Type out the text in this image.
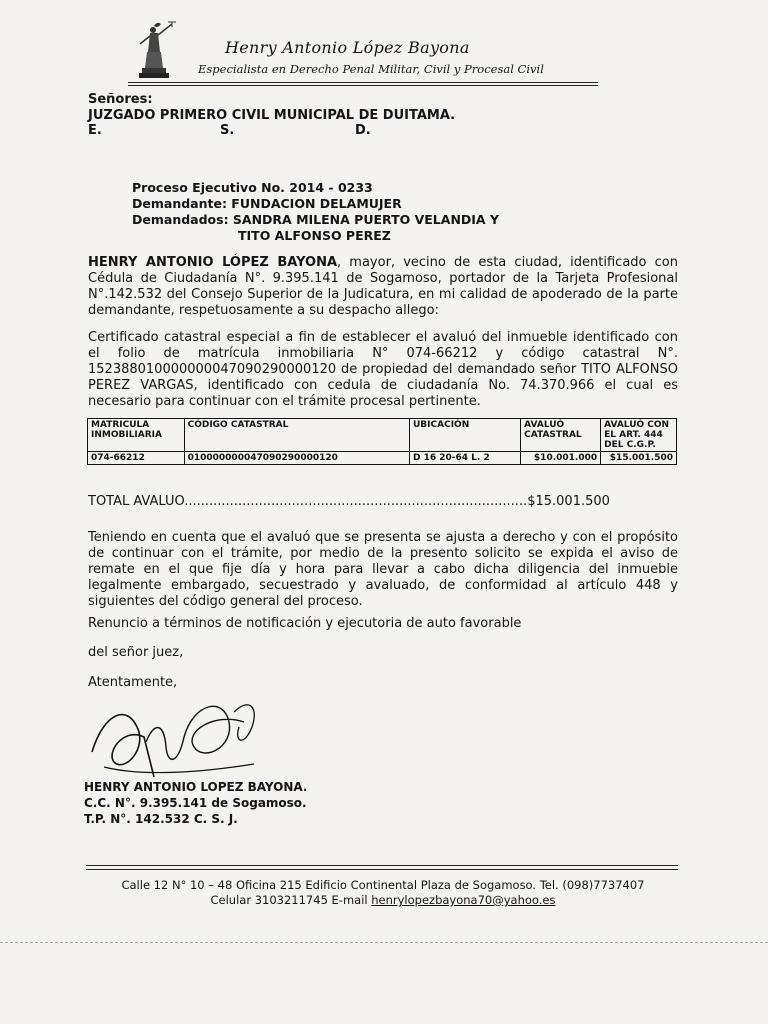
Henry Antonio López Bayona
Especialista en Derecho Penal Militar, Civil y Procesal Civil
Señores:
JUZGADO PRIMERO CIVIL MUNICIPAL DE DUITAMA.
E.	S.	D.
Proceso Ejecutivo No. 2014 - 0233
Demandante: FUNDACION DELAMUJER
Demandados: SANDRA MILENA PUERTO VELANDIA Y
TITO ALFONSO PEREZ

HENRY ANTONIO LÓPEZ BAYONA, mayor, vecino de esta ciudad, identificado con Cédula de Ciudadanía N°. 9.395.141 de Sogamoso, portador de la Tarjeta Profesional N°.142.532 del Consejo Superior de la Judicatura, en mi calidad de apoderado de la parte demandante, respetuosamente a su despacho allego:

Certificado catastral especial a fin de establecer el avaluó del inmueble identificado con el folio de matrícula inmobiliaria N° 074-66212 y código catastral N°. 152388010000000047090290000120 de propiedad del demandado señor TITO ALFONSO PEREZ VARGAS, identificado con cedula de ciudadanía No. 74.370.966 el cual es necesario para continuar con el trámite procesal pertinente.

MATRICULA INMOBILIARIA	CÓDIGO CATASTRAL	UBICACIÓN	AVALUÓ CATASTRAL	AVALUÓ CON EL ART. 444 DEL C.G.P.
074-66212	010000000047090290000120	D 16 20-64 L. 2	$10.001.000	$15.001.500
TOTAL AVALUO...................................................................................$15.001.500

Teniendo en cuenta que el avaluó que se presenta se ajusta a derecho y con el propósito de continuar con el trámite, por medio de la presento solicito se expida el aviso de remate en el que fije día y hora para llevar a cabo dicha diligencia del inmueble legalmente embargado, secuestrado y avaluado, de conformidad al artículo 448 y siguientes del código general del proceso.

Renuncio a términos de notificación y ejecutoria de auto favorable
del señor juez,
Atentamente,
HENRY ANTONIO LOPEZ BAYONA.
C.C. N°. 9.395.141 de Sogamoso.
T.P. N°. 142.532 C. S. J.
Calle 12 N° 10 – 48 Oficina 215 Edificio Continental Plaza de Sogamoso. Tel. (098)7737407
Celular 3103211745 E-mail henrylopezbayona70@yahoo.es
